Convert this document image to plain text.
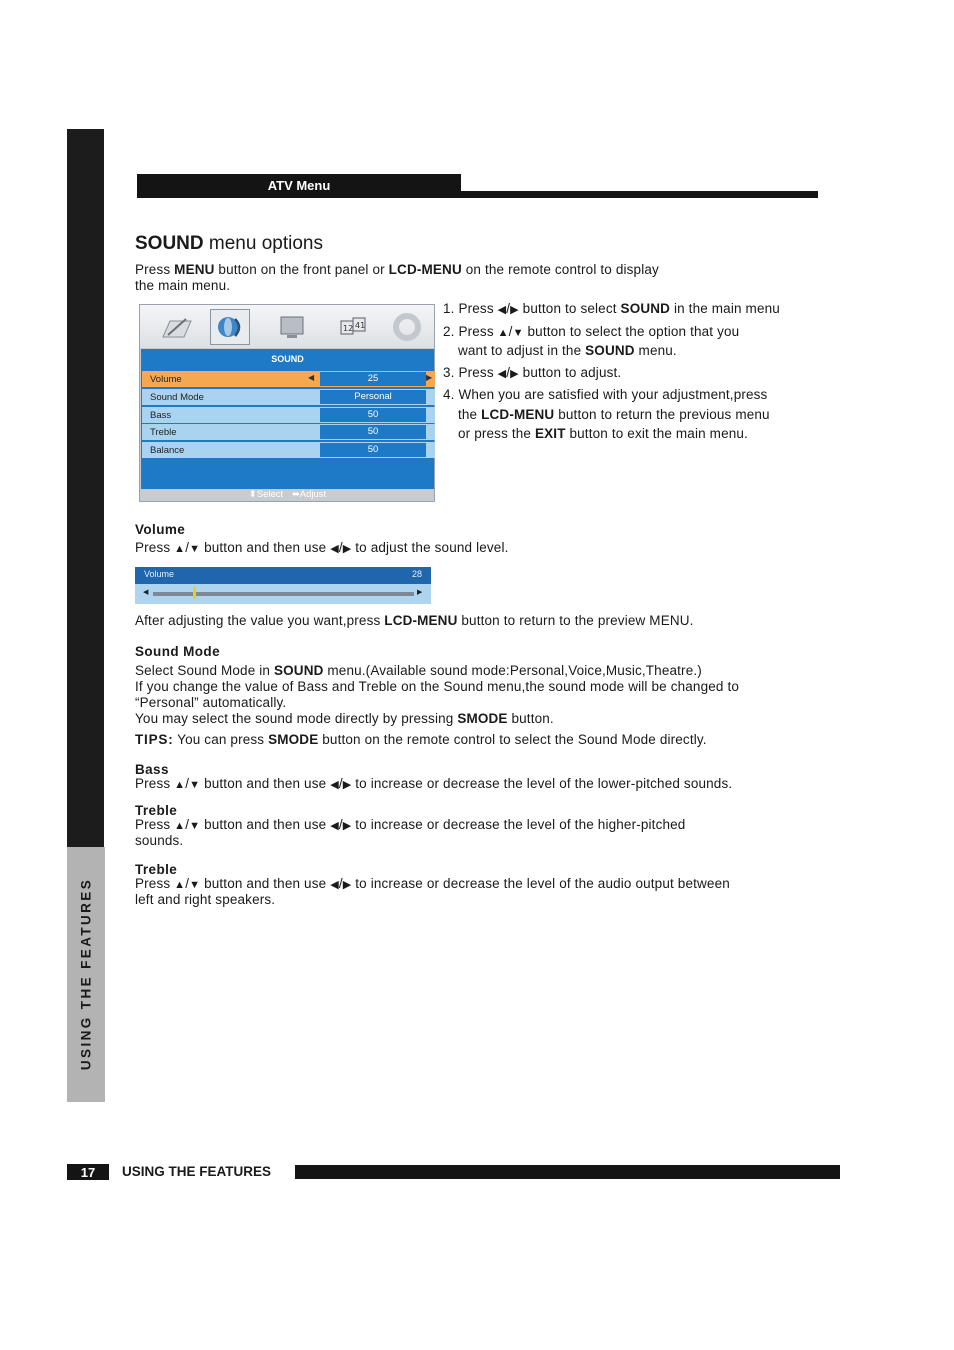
USING THE FEATURES
ATV Menu
SOUND menu options
Press MENU button on the front panel or LCD-MENU on the remote control to display
the main menu.
12 41
SOUND
Volume	◀	25	▶
Sound Mode	Personal
Bass	50
Treble	50
Balance	50
⬍Select ⬌Adjust
1. Press ◀/▶ button to select SOUND in the main menu
2. Press ▲/▼ button to select the option that you
want to adjust in the SOUND menu.
3. Press ◀/▶ button to adjust.
4. When you are satisfied with your adjustment,press
the LCD-MENU button to return the previous menu
or press the EXIT button to exit the main menu.
Volume
Press ▲/▼ button and then use ◀/▶ to adjust the sound level.
Volume	28
◀	▶
After adjusting the value you want,press LCD-MENU button to return to the preview MENU.
Sound Mode
Select Sound Mode in SOUND menu.(Available sound mode:Personal,Voice,Music,Theatre.)
If you change the value of Bass and Treble on the Sound menu,the sound mode will be changed to
“Personal” automatically.
You may select the sound mode directly by pressing SMODE button.
TIPS: You can press SMODE button on the remote control to select the Sound Mode directly.
Bass
Press ▲/▼ button and then use ◀/▶ to increase or decrease the level of the lower-pitched sounds.
Treble
Press ▲/▼ button and then use ◀/▶ to increase or decrease the level of the higher-pitched
sounds.
Treble
Press ▲/▼ button and then use ◀/▶ to increase or decrease the level of the audio output between
left and right speakers.
17	USING THE FEATURES
